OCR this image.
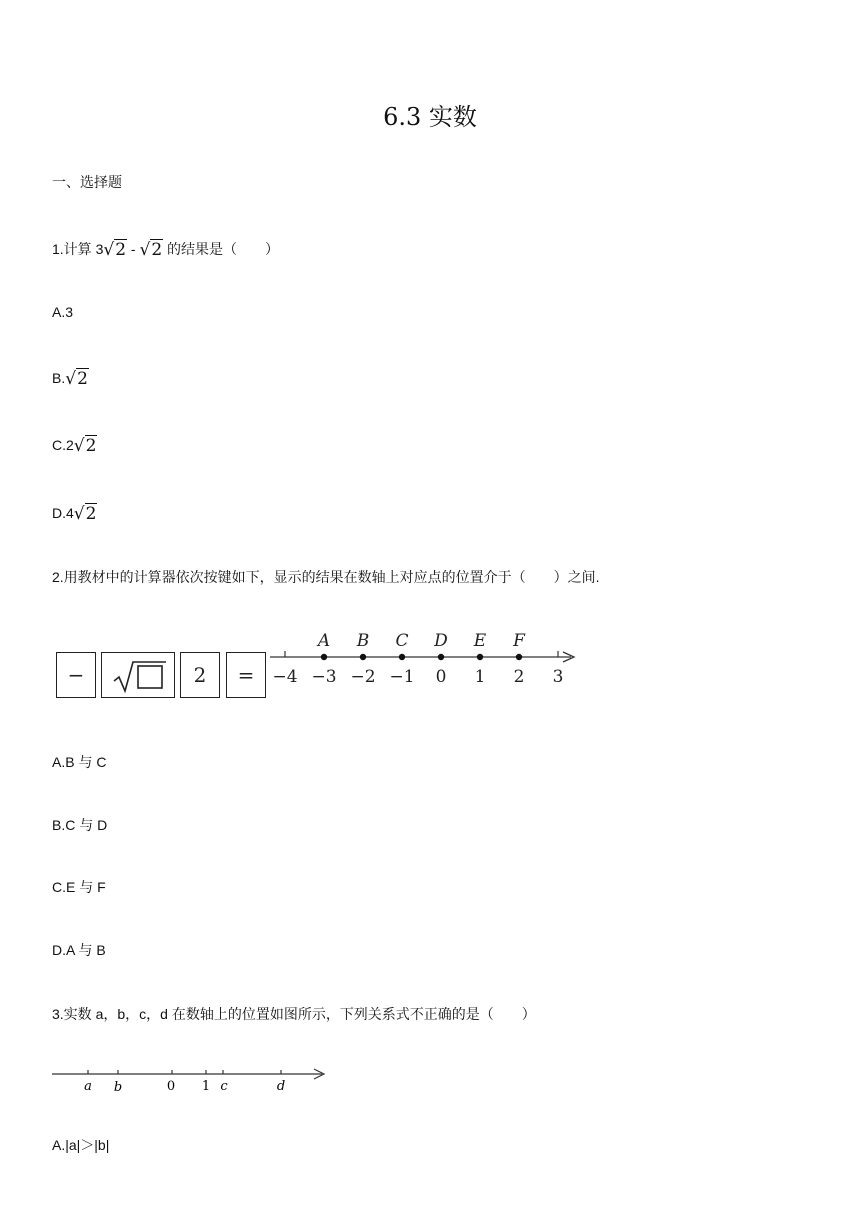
6.3 实数
一、选择题
1.计算 3√2 - √2 的结果是（　　）
A.3
B.√2
C.2√2
D.4√2
2.用教材中的计算器依次按键如下，显示的结果在数轴上对应点的位置介于（　　）之间.
−	2 = −4 −3 −2 −1 0 1 2 3
A B C D E F
A.B 与 C
B.C 与 D
C.E 与 F
D.A 与 B
3.实数 a，b，c，d 在数轴上的位置如图所示，下列关系式不正确的是（　　）
a b	0 1 c	d
A.|a|＞|b|
